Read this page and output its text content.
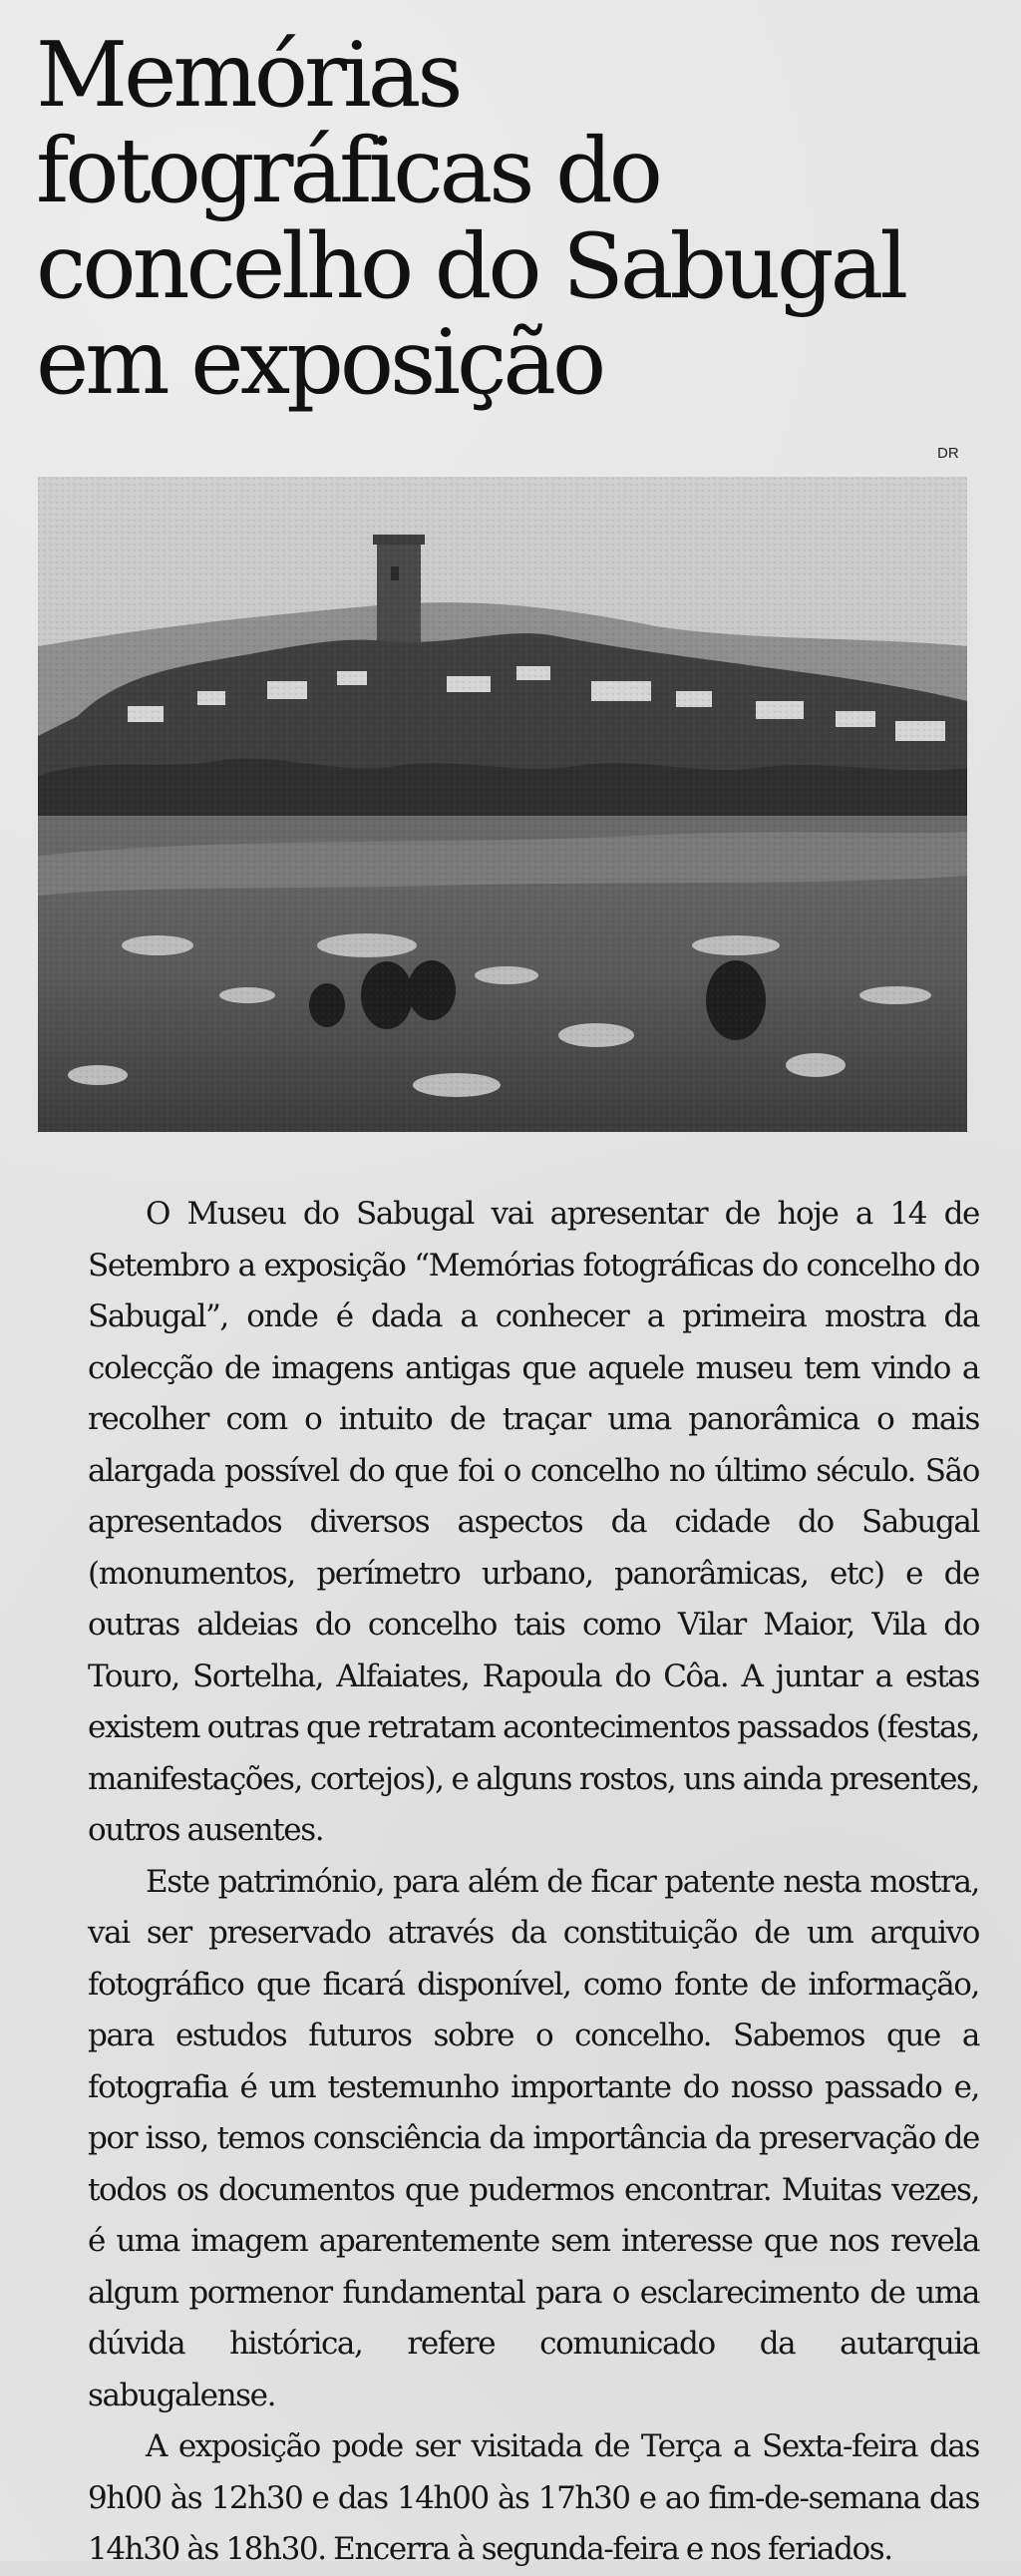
Memórias fotográficas do concelho do Sabugal em exposição
DR

O Museu do Sabugal vai apresentar de hoje a 14 de Setembro a exposição “Memórias fotográficas do concelho do Sabugal”, onde é dada a conhecer a primeira mostra da colecção de imagens antigas que aquele museu tem vindo a recolher com o intuito de traçar uma panorâmica o mais alargada possível do que foi o concelho no último século. São apresentados diversos aspectos da cidade do Sabugal (monumentos, perímetro urbano, panorâmicas, etc) e de outras aldeias do concelho tais como Vilar Maior, Vila do Touro, Sortelha, Alfaiates, Rapoula do Côa. A juntar a estas existem outras que retratam acontecimentos passados (festas, manifestações, cortejos), e alguns rostos, uns ainda presentes, outros ausentes.

Este património, para além de ficar patente nesta mostra, vai ser preservado através da constituição de um arquivo fotográfico que ficará disponível, como fonte de informação, para estudos futuros sobre o concelho. Sabemos que a fotografia é um testemunho importante do nosso passado e, por isso, temos consciência da importância da preservação de todos os documentos que pudermos encontrar. Muitas vezes, é uma imagem aparentemente sem interesse que nos revela algum pormenor fundamental para o esclarecimento de uma dúvida histórica, refere comunicado da autarquia sabugalense.

A exposição pode ser visitada de Terça a Sexta-feira das 9h00 às 12h30 e das 14h00 às 17h30 e ao fim-de-semana das 14h30 às 18h30. Encerra à segunda-feira e nos feriados.
